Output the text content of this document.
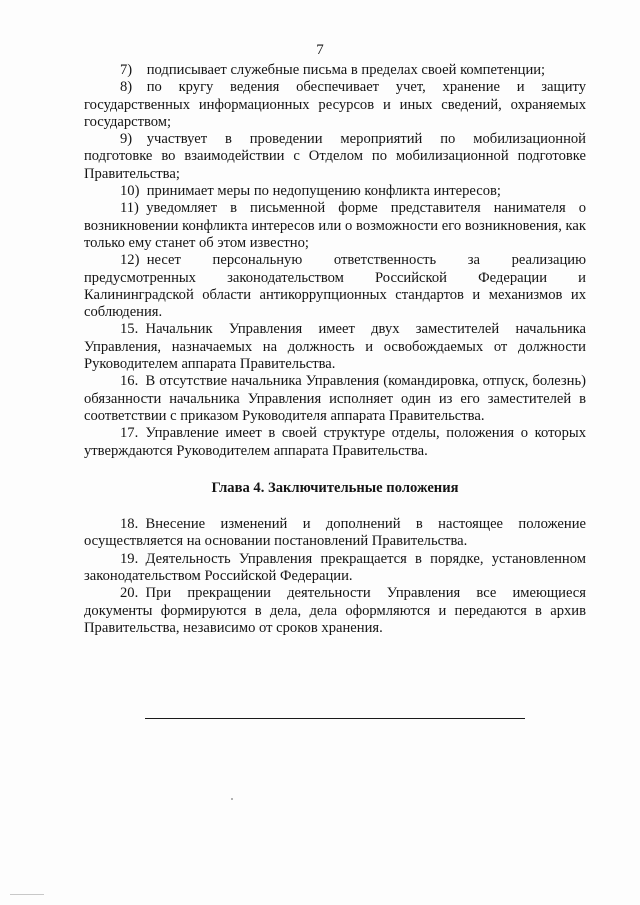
7

7) подписывает служебные письма в пределах своей компетенции;

8) по кругу ведения обеспечивает учет, хранение и защиту государственных информационных ресурсов и иных сведений, охраняемых государством;

9) участвует в проведении мероприятий по мобилизационной подготовке во взаимодействии с Отделом по мобилизационной подготовке Правительства;

10) принимает меры по недопущению конфликта интересов;

11) уведомляет в письменной форме представителя нанимателя о возникновении конфликта интересов или о возможности его возникновения, как только ему станет об этом известно;

12) несет персональную ответственность за реализацию предусмотренных законодательством Российской Федерации и Калининградской области антикоррупционных стандартов и механизмов их соблюдения.

15. Начальник Управления имеет двух заместителей начальника Управления, назначаемых на должность и освобождаемых от должности Руководителем аппарата Правительства.

16. В отсутствие начальника Управления (командировка, отпуск, болезнь) обязанности начальника Управления исполняет один из его заместителей в соответствии с приказом Руководителя аппарата Правительства.

17. Управление имеет в своей структуре отделы, положения о которых утверждаются Руководителем аппарата Правительства.

Глава 4. Заключительные положения

18. Внесение изменений и дополнений в настоящее положение осуществляется на основании постановлений Правительства.

19. Деятельность Управления прекращается в порядке, установленном законодательством Российской Федерации.

20. При прекращении деятельности Управления все имеющиеся документы формируются в дела, дела оформляются и передаются в архив Правительства, независимо от сроков хранения.
